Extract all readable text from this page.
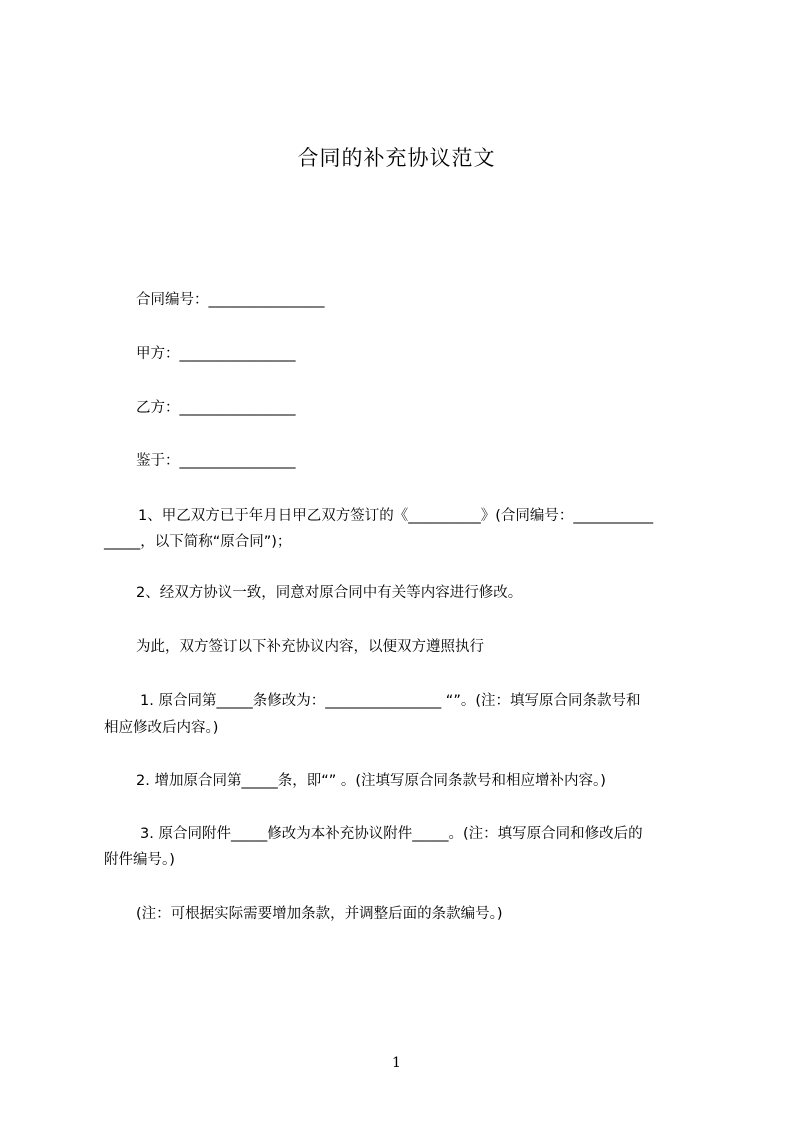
合同的补充协议范文

合同编号：________________

甲方：________________

乙方：________________

鉴于：________________

1、甲乙双方已于年月日甲乙双方签订的《__________》(合同编号：___________

_____，以下简称“原合同”)；

2、经双方协议一致，同意对原合同中有关等内容进行修改。

为此，双方签订以下补充协议内容，以便双方遵照执行

1. 原合同第_____条修改为：________________ “”。(注：填写原合同条款号和

相应修改后内容。)

2. 增加原合同第_____条，即“” 。(注填写原合同条款号和相应增补内容。)

3. 原合同附件_____修改为本补充协议附件_____。(注：填写原合同和修改后的

附件编号。)

(注：可根据实际需要增加条款，并调整后面的条款编号。)

1
